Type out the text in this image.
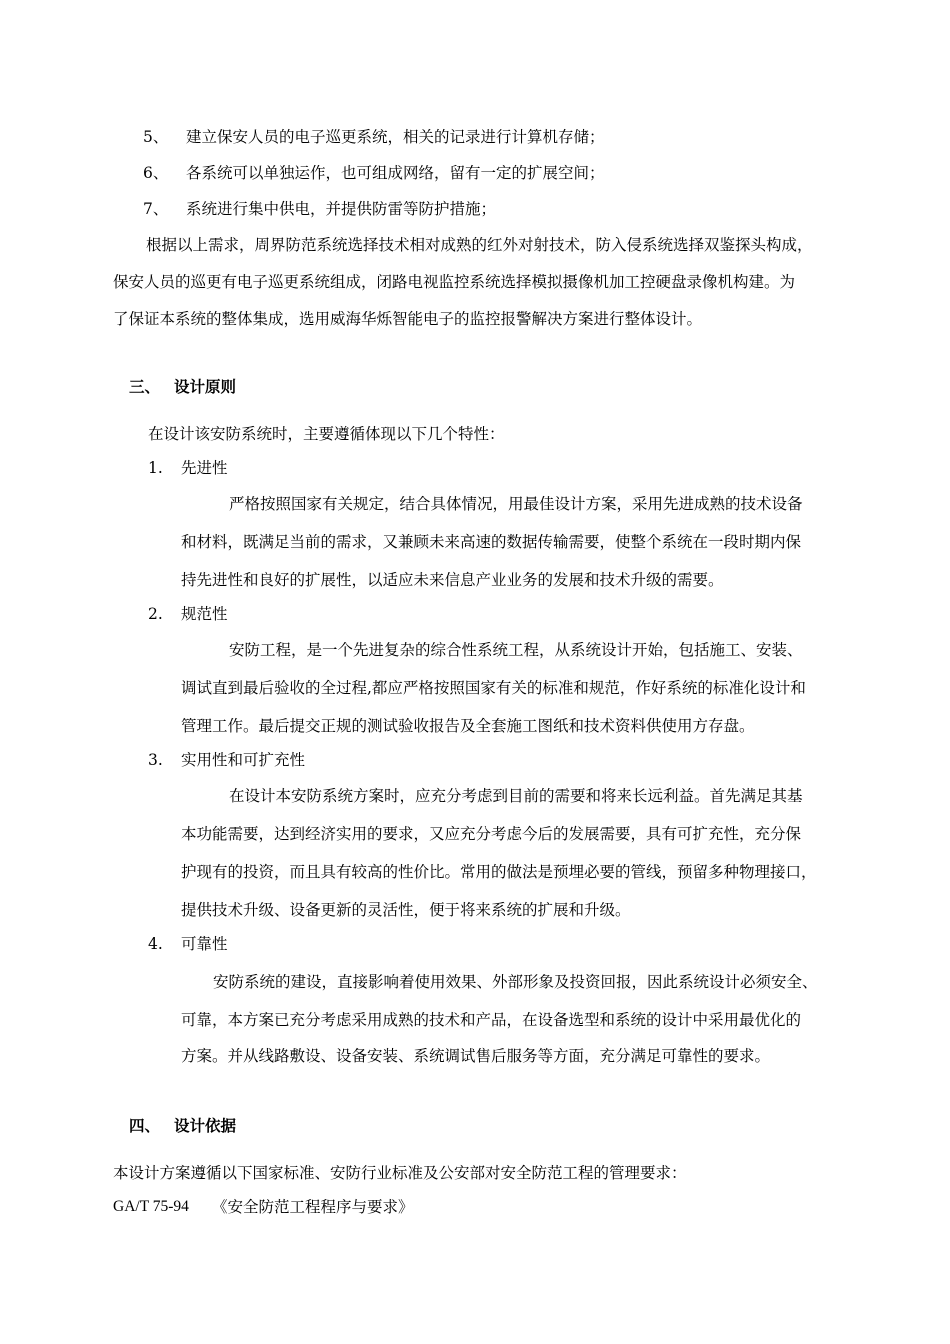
5、 建立保安人员的电子巡更系统，相关的记录进行计算机存储；
6、 各系统可以单独运作，也可组成网络，留有一定的扩展空间；
7、 系统进行集中供电，并提供防雷等防护措施；
根据以上需求，周界防范系统选择技术相对成熟的红外对射技术，防入侵系统选择双鉴探头构成，
保安人员的巡更有电子巡更系统组成，闭路电视监控系统选择模拟摄像机加工控硬盘录像机构建。为
了保证本系统的整体集成，选用威海华烁智能电子的监控报警解决方案进行整体设计。
三、 设计原则
在设计该安防系统时，主要遵循体现以下几个特性：
1. 先进性
严格按照国家有关规定，结合具体情况，用最佳设计方案，采用先进成熟的技术设备
和材料，既满足当前的需求，又兼顾未来高速的数据传输需要，使整个系统在一段时期内保
持先进性和良好的扩展性，以适应未来信息产业业务的发展和技术升级的需要。
2. 规范性
安防工程，是一个先进复杂的综合性系统工程，从系统设计开始，包括施工、安装、
调试直到最后验收的全过程,都应严格按照国家有关的标准和规范，作好系统的标准化设计和
管理工作。最后提交正规的测试验收报告及全套施工图纸和技术资料供使用方存盘。
3. 实用性和可扩充性
在设计本安防系统方案时，应充分考虑到目前的需要和将来长远利益。首先满足其基
本功能需要，达到经济实用的要求，又应充分考虑今后的发展需要，具有可扩充性，充分保
护现有的投资，而且具有较高的性价比。常用的做法是预埋必要的管线，预留多种物理接口，
提供技术升级、设备更新的灵活性，便于将来系统的扩展和升级。
4. 可靠性
安防系统的建设，直接影响着使用效果、外部形象及投资回报，因此系统设计必须安全、
可靠，本方案已充分考虑采用成熟的技术和产品，在设备选型和系统的设计中采用最优化的
方案。并从线路敷设、设备安装、系统调试售后服务等方面，充分满足可靠性的要求。
四、 设计依据
本设计方案遵循以下国家标准、安防行业标准及公安部对安全防范工程的管理要求：
GA/T 75-94 《安全防范工程程序与要求》
